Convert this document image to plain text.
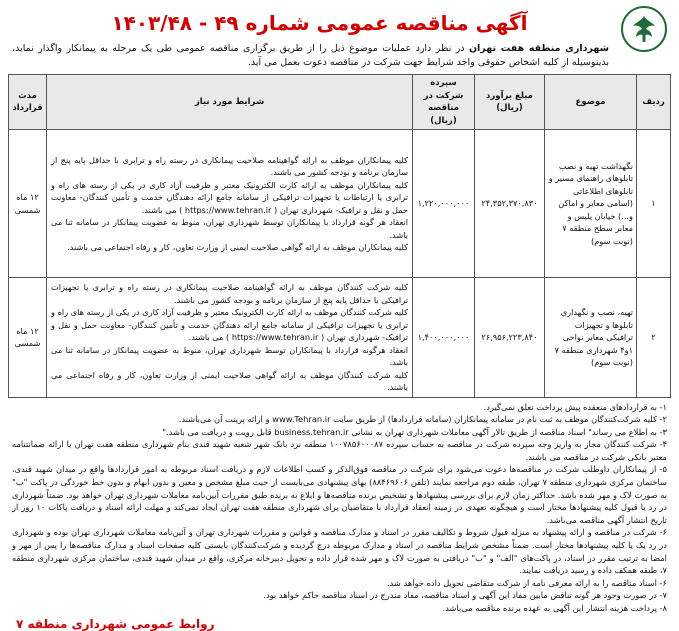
آگهی مناقصه عمومی شماره ۴۹ - ۱۴۰۳/۴۸
شهرداری منطقه هفت تهران در نظر دارد عملیات موضوع ذیل را از طریق برگزاری مناقصه عمومی طی یک مرحله به پیمانکار واگذار نماید، بدینوسیله از کلیه اشخاص حقوقی واجد شرایط جهت شرکت در مناقصه دعوت بعمل می آید.
ردیف	موضوع	مبلغ برآورد (ریال)	سپرده شرکت در مناقصه (ریال)	شرایط مورد نیاز	مدت قرارداد
۱	نگهداشت تهیه و نصب تابلوهای راهنمای مسیر و تابلوهای اطلاعاتی (اسامی معابر و اماکن و...) خیابان پلیس و معابر سطح منطقه ۷ (نوبت سوم)	۲۴,۳۵۲,۳۷۰,۸۳۰	۱,۲۲۰,۰۰۰,۰۰۰	کلیه پیمانکاران موظف به ارائه گواهینامه صلاحیت پیمانکاری در رسته راه و ترابری با حداقل پایه پنج از سازمان برنامه و بودجه کشور می باشند.

کلیه پیمانکاران موظف به ارائه کارت الکترونیک معتبر و ظرفیت آزاد کاری در یکی از رسته های راه و ترابری یا ارتباطات یا تجهیزات ترافیکی از سامانه جامع ارائه دهندگان خدمت و تأمین کنندگان- معاونت حمل و نقل و ترافیک- شهرداری تهران ( https://www.tehran.ir ) می باشند.

انعقاد هر گونه قرارداد با پیمانکاران توسط شهرداری تهران، منوط به عضویت پیمانکار در سامانه ثنا می باشد.

کلیه پیمانکاران موظف به ارائه گواهی صلاحیت ایمنی از وزارت تعاون، کار و رفاه اجتماعی می باشند.	۱۲ ماه شمسی
۲	تهیه، نصب و نگهداری تابلوها و تجهیزات ترافیکی معابر نواحی ۱و۴ شهرداری منطقه ۷ (نوبت سوم)	۲۶,۹۵۶,۲۲۳,۸۴۰	۱,۴۰۰,۰۰۰,۰۰۰	کلیه شرکت کنندگان موظف به ارائه گواهینامه صلاحیت پیمانکاری در رسته راه و ترابری یا تجهیزات ترافیکی با حداقل پایه پنج از سازمان برنامه و بودجه کشور می باشند.

کلیه شرکت کنندگان موظف به ارائه کارت الکترونیک معتبر و ظرفیت آزاد کاری در یکی از رسته های راه و ترابری یا تجهیزات ترافیکی از سامانه جامع ارائه دهندگان خدمت و تأمین کنندگان- معاونت حمل و نقل و ترافیک- شهرداری تهران ( https://www.tehran.ir ) می باشند.

انعقاد هرگونه قرارداد با پیمانکاران توسط شهرداری تهران، منوط به عضویت پیمانکار در سامانه ثنا می باشد.

کلیه شرکت کنندگان موظف به ارائه گواهی صلاحیت ایمنی از وزارت تعاون، کار و رفاه اجتماعی می باشند.	۱۲ ماه شمسی

۱- به قراردادهای منعقده پیش پرداخت تعلق نمی‌گیرد.

۲- کلیه شرکت‌کنندگان موظف به ثبت نام در سامانه پیمانکاران (سامانه قراردادها) از طریق سایت www.Tehran.ir و ارائه پرینت آن می‌باشند.

۳- به اطلاع می رساند" اسناد مناقصه از طریق تالار آگهی معاملات شهرداری تهران به نشانی business.tehran.ir قابل رویت و دریافت می باشد."

۴- شرکت کنندگان مجاز به واریز وجه سپرده شرکت در مناقصه به حساب سپرده ۱۰۰۷۸۵۶۰۰۰۸۷ منطقه نزد بانک شهر شعبه شهید قندی بنام شهرداری منطقه هفت تهران یا ارائه ضمانتنامه معتبر بانکی شرکت در مناقصه می باشند.

۵- از پیمانکاران داوطلب شرکت در مناقصه‌ها دعوت می‌شود برای شرکت در مناقصه فوق‌الذکر و کسب اطلاعات لازم و دریافت اسناد مربوطه به امور قراردادها واقع در میدان شهید قندی، ساختمان مرکزی شهرداری منطقه ۷ تهران، طبقه دوم مراجعه نمایند (تلفن ۸۸۴۶۹۶۰۶) بهای پیشنهادی می‌بایست از حیث مبلغ مشخص و معین و بدون ابهام و بدون خط خوردگی در پاکت "ب" به صورت لاک و مهر شده باشد. حداکثر زمان لازم برای بررسی پیشنهادها و تشخیص برنده مناقصه‌ها و ابلاغ به برنده طبق مقررات آیین‌نامه معاملات شهرداری تهران خواهد بود. ضمناً شهرداری در رد یا قبول کلیه پیشنهادها مختار است و هیچگونه تعهدی در زمینه انعقاد قرارداد با متقاضیان برای شهرداری منطقه هفت تهران ایجاد نمی‌کند و مهلت ارائه اسناد و دریافت پاکات ۱۰ روز از تاریخ انتشار آگهی مناقصه می‌باشد.

۶- شرکت در مناقصه و ارائه پیشنهاد به منزله قبول شروط و تکالیف مقرر در اسناد و مدارک مناقصه و قوانین و مقررات شهرداری تهران و آئین‌نامه معاملات شهرداری تهران بوده و شهرداری در رد یک یا کلیه پیشنهادها مختار است. ضمناً مشخص شرایط مناقصه در اسناد و مدارک مربوطه درج گردیده و شرکت‌کنندگان بایستی کلیه صفحات اسناد و مدارک مناقصه‌ها را پس از مهر و امضا به ترتیب مقرر در اسناد، در پاکت‌های "الف" و "ب" دریافتی به صورت لاک و مهر شده قرار داده و تحویل دبیرخانه مرکزی، واقع در میدان شهید قندی، ساختمان مرکزی شهرداری منطقه ۷، طبقه همکف داده و رسید دریافت نمایند.

۶- اسناد مناقصه را به ارائه معرفی نامه از شرکت متقاضی تحویل داده خواهد شد.

۷- در صورت وجود هر گونه تناقض مابین مفاد این آگهی و اسناد مناقصه، مفاد مندرج در اسناد مناقصه حاکم خواهد بود.

۸- پرداخت هزینه انتشار این آگهی به عهده برنده مناقصه می‌باشد.

روابط عمومی شهرداری منطقه ۷
